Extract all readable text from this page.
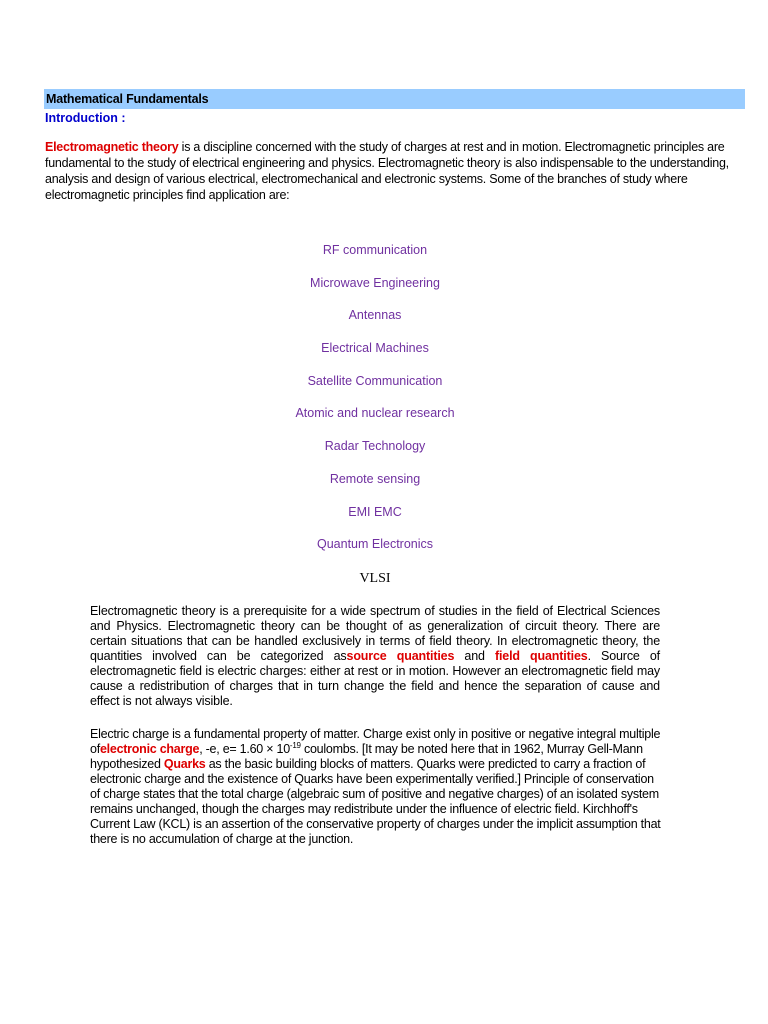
Mathematical Fundamentals
Introduction :

Electromagnetic theory is a discipline concerned with the study of charges at rest and in motion. Electromagnetic principles are fundamental to the study of electrical engineering and physics. Electromagnetic theory is also indispensable to the understanding, analysis and design of various electrical, electromechanical and electronic systems. Some of the branches of study where electromagnetic principles find application are:

RF communication
Microwave Engineering
Antennas
Electrical Machines
Satellite Communication
Atomic and nuclear research
Radar Technology
Remote sensing
EMI EMC
Quantum Electronics
VLSI

Electromagnetic theory is a prerequisite for a wide spectrum of studies in the field of Electrical Sciences and Physics. Electromagnetic theory can be thought of as generalization of circuit theory. There are certain situations that can be handled exclusively in terms of field theory. In electromagnetic theory, the quantities involved can be categorized assource quantities and field quantities. Source of electromagnetic field is electric charges: either at rest or in motion. However an electromagnetic field may cause a redistribution of charges that in turn change the field and hence the separation of cause and effect is not always visible.

Electric charge is a fundamental property of matter. Charge exist only in positive or negative integral multiple ofelectronic charge, -e, $e= 1.60 \times 10^{-19}$ coulombs. [It may be noted here that in 1962, Murray Gell-Mann hypothesized Quarks as the basic building blocks of matters. Quarks were predicted to carry a fraction of electronic charge and the existence of Quarks have been experimentally verified.] Principle of conservation of charge states that the total charge (algebraic sum of positive and negative charges) of an isolated system remains unchanged, though the charges may redistribute under the influence of electric field. Kirchhoff's Current Law (KCL) is an assertion of the conservative property of charges under the implicit assumption that there is no accumulation of charge at the junction.
